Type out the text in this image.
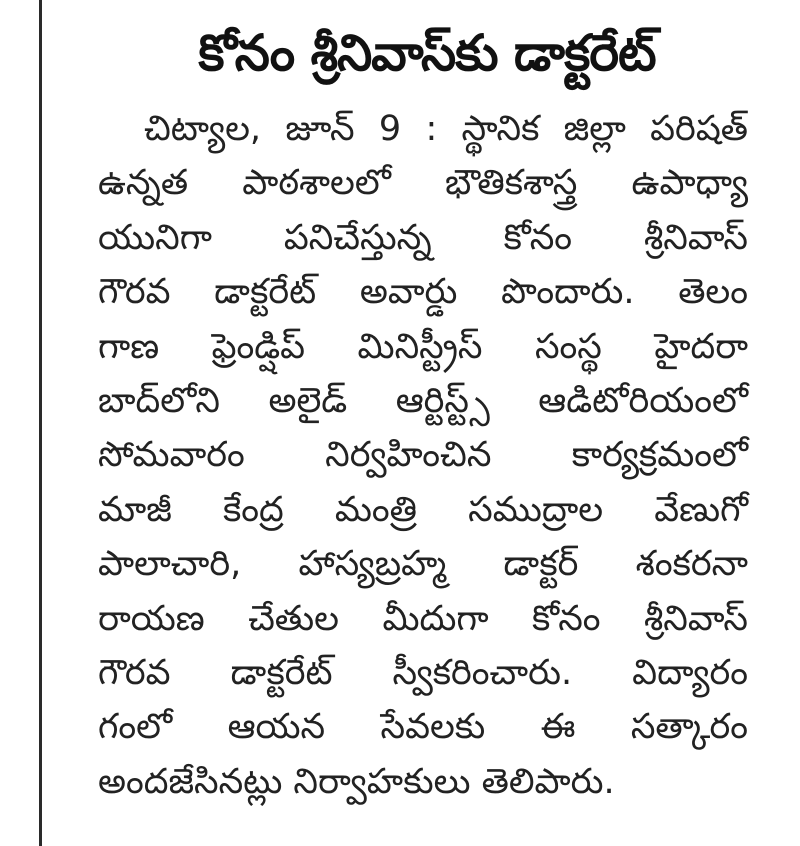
కోనం శ్రీనివాస్‌కు డాక్టరేట్
చిట్యాల, జూన్ 9 : స్థానిక జిల్లా పరిషత్
ఉన్నత పాఠశాలలో భౌతికశాస్త్ర ఉపాధ్యా
యునిగా పనిచేస్తున్న కోనం శ్రీనివాస్
గౌరవ డాక్టరేట్ అవార్డు పొందారు. తెలం
గాణ ఫ్రెండ్షిప్ మినిస్ట్రీస్ సంస్థ హైదరా
బాద్‌లోని అలైడ్ ఆర్టిస్ట్స్ ఆడిటోరియంలో
సోమవారం నిర్వహించిన కార్యక్రమంలో
మాజీ కేంద్ర మంత్రి సముద్రాల వేణుగో
పాలాచారి, హాస్యబ్రహ్మ డాక్టర్ శంకరనా
రాయణ చేతుల మీదుగా కోనం శ్రీనివాస్
గౌరవ డాక్టరేట్ స్వీకరించారు. విద్యారం
గంలో ఆయన సేవలకు ఈ సత్కారం
అందజేసినట్లు నిర్వాహకులు తెలిపారు.
